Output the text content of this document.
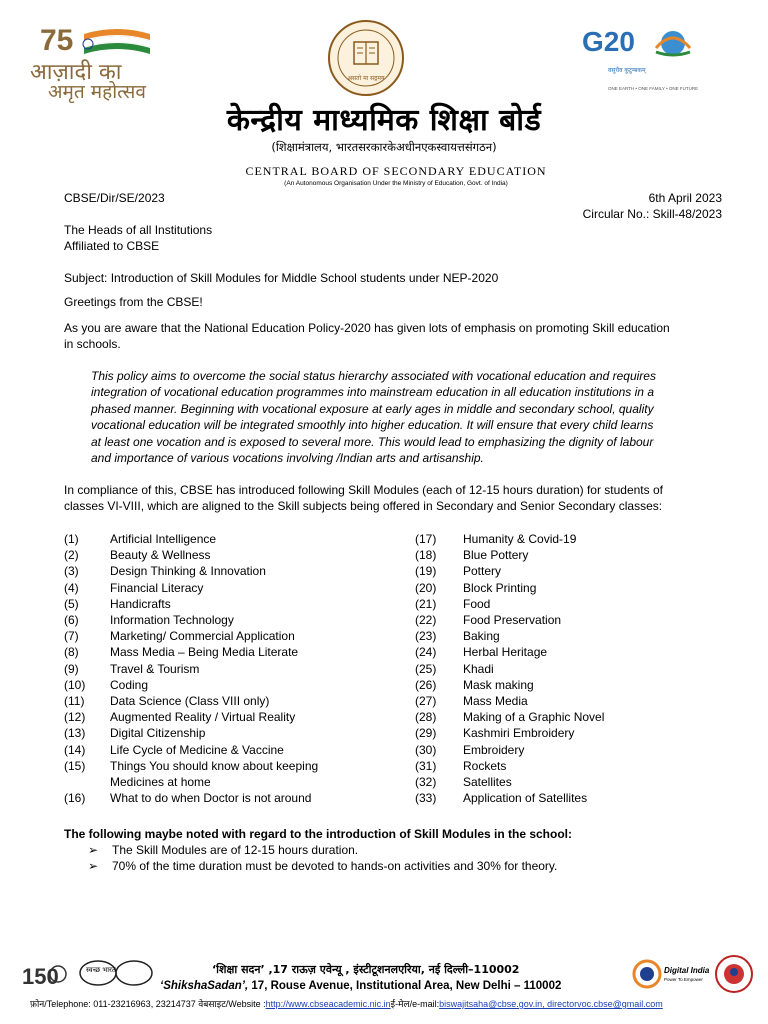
75
आज़ादी का
अमृत महोत्सव
असतो मा सद्गमय
G20
वसुधैव कुटुम्बकम्
ONE EARTH • ONE FAMILY • ONE FUTURE
केन्द्रीय माध्यमिक शिक्षा बोर्ड
(शिक्षामंत्रालय, भारतसरकारकेअधीनएकस्वायत्तसंगठन)
CENTRAL BOARD OF SECONDARY EDUCATION
(An Autonomous Organisation Under the Ministry of Education, Govt. of India)
CBSE/Dir/SE/2023	6th April 2023
Circular No.: Skill-48/2023
The Heads of all Institutions
Affiliated to CBSE
Subject: Introduction of Skill Modules for Middle School students under NEP-2020
Greetings from the CBSE!
As you are aware that the National Education Policy-2020 has given lots of emphasis on promoting Skill education
in schools.
This policy aims to overcome the social status hierarchy associated with vocational education and requires
integration of vocational education programmes into mainstream education in all education institutions in a
phased manner. Beginning with vocational exposure at early ages in middle and secondary school, quality
vocational education will be integrated smoothly into higher education. It will ensure that every child learns
at least one vocation and is exposed to several more. This would lead to emphasizing the dignity of labour
and importance of various vocations involving /Indian arts and artisanship.
In compliance of this, CBSE has introduced following Skill Modules (each of 12-15 hours duration) for students of
classes VI-VIII, which are aligned to the Skill subjects being offered in Secondary and Senior Secondary classes:
(1)	Artificial Intelligence
(2)	Beauty & Wellness
(3)	Design Thinking & Innovation
(4)	Financial Literacy
(5)	Handicrafts
(6)	Information Technology
(7)	Marketing/ Commercial Application
(8)	Mass Media – Being Media Literate
(9)	Travel & Tourism
(10)	Coding
(11)	Data Science (Class VIII only)
(12)	Augmented Reality / Virtual Reality
(13)	Digital Citizenship
(14)	Life Cycle of Medicine & Vaccine
(15)	Things You should know about keeping
Medicines at home
(16)	What to do when Doctor is not around
(17)	Humanity & Covid-19
(18)	Blue Pottery
(19)	Pottery
(20)	Block Printing
(21)	Food
(22)	Food Preservation
(23)	Baking
(24)	Herbal Heritage
(25)	Khadi
(26)	Mask making
(27)	Mass Media
(28)	Making of a Graphic Novel
(29)	Kashmiri Embroidery
(30)	Embroidery
(31)	Rockets
(32)	Satellites
(33)	Application of Satellites
The following maybe noted with regard to the introduction of Skill Modules in the school:
➢	The Skill Modules are of 12-15 hours duration.
➢	70% of the time duration must be devoted to hands-on activities and 30% for theory.
150	स्वच्छ भारत	‘शिक्षा सदन’ ,17 राऊज़ एवेन्यू , इंस्टीटूशनलएरिया, नई दिल्ली–110002
‘ShikshaSadan’, 17, Rouse Avenue, Institutional Area, New Delhi – 110002
Digital India
Power To Empower
फ़ोन/Telephone: 011-23216963, 23214737 वेबसाइट/Website :http://www.cbseacademic.nic.inई-मेल/e-mail:biswajitsaha@cbse.gov.in, directorvoc.cbse@gmail.com
